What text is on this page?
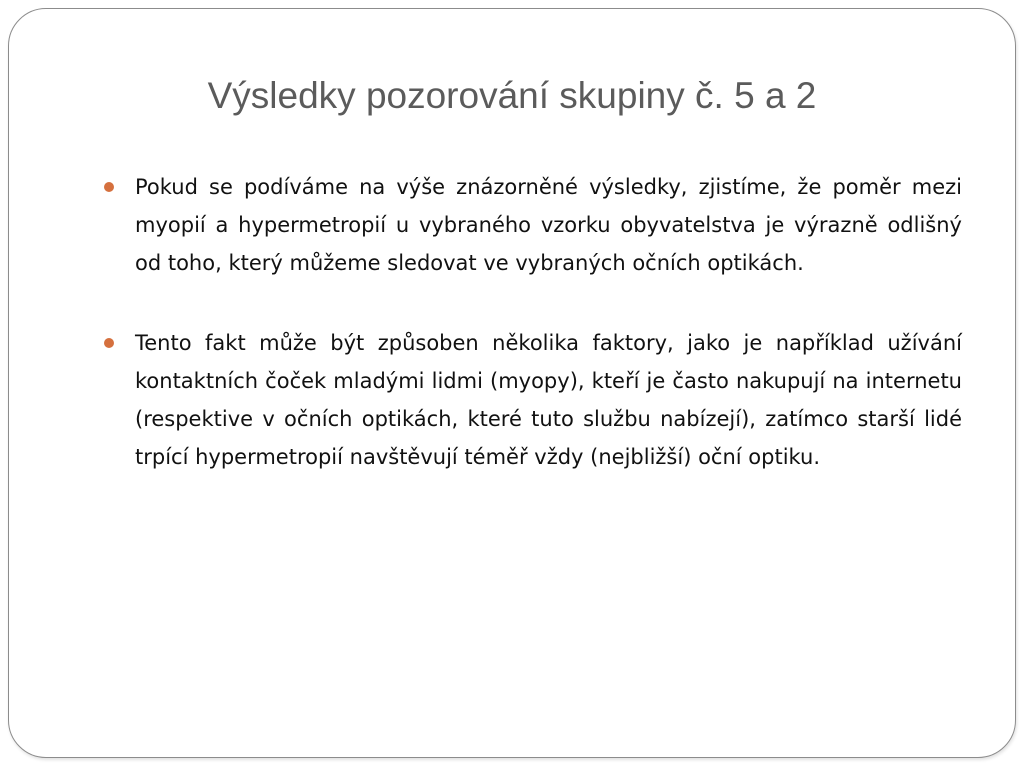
Výsledky pozorování skupiny č. 5 a 2
Pokud se podíváme na výše znázorněné výsledky, zjistíme, že poměr mezi myopií a hypermetropií u vybraného vzorku obyvatelstva je výrazně odlišný od toho, který můžeme sledovat ve vybraných očních optikách.
Tento fakt může být způsoben několika faktory, jako je například užívání kontaktních čoček mladými lidmi (myopy), kteří je často nakupují na internetu (respektive v očních optikách, které tuto službu nabízejí), zatímco starší lidé trpící hypermetropií navštěvují téměř vždy (nejbližší) oční optiku.
